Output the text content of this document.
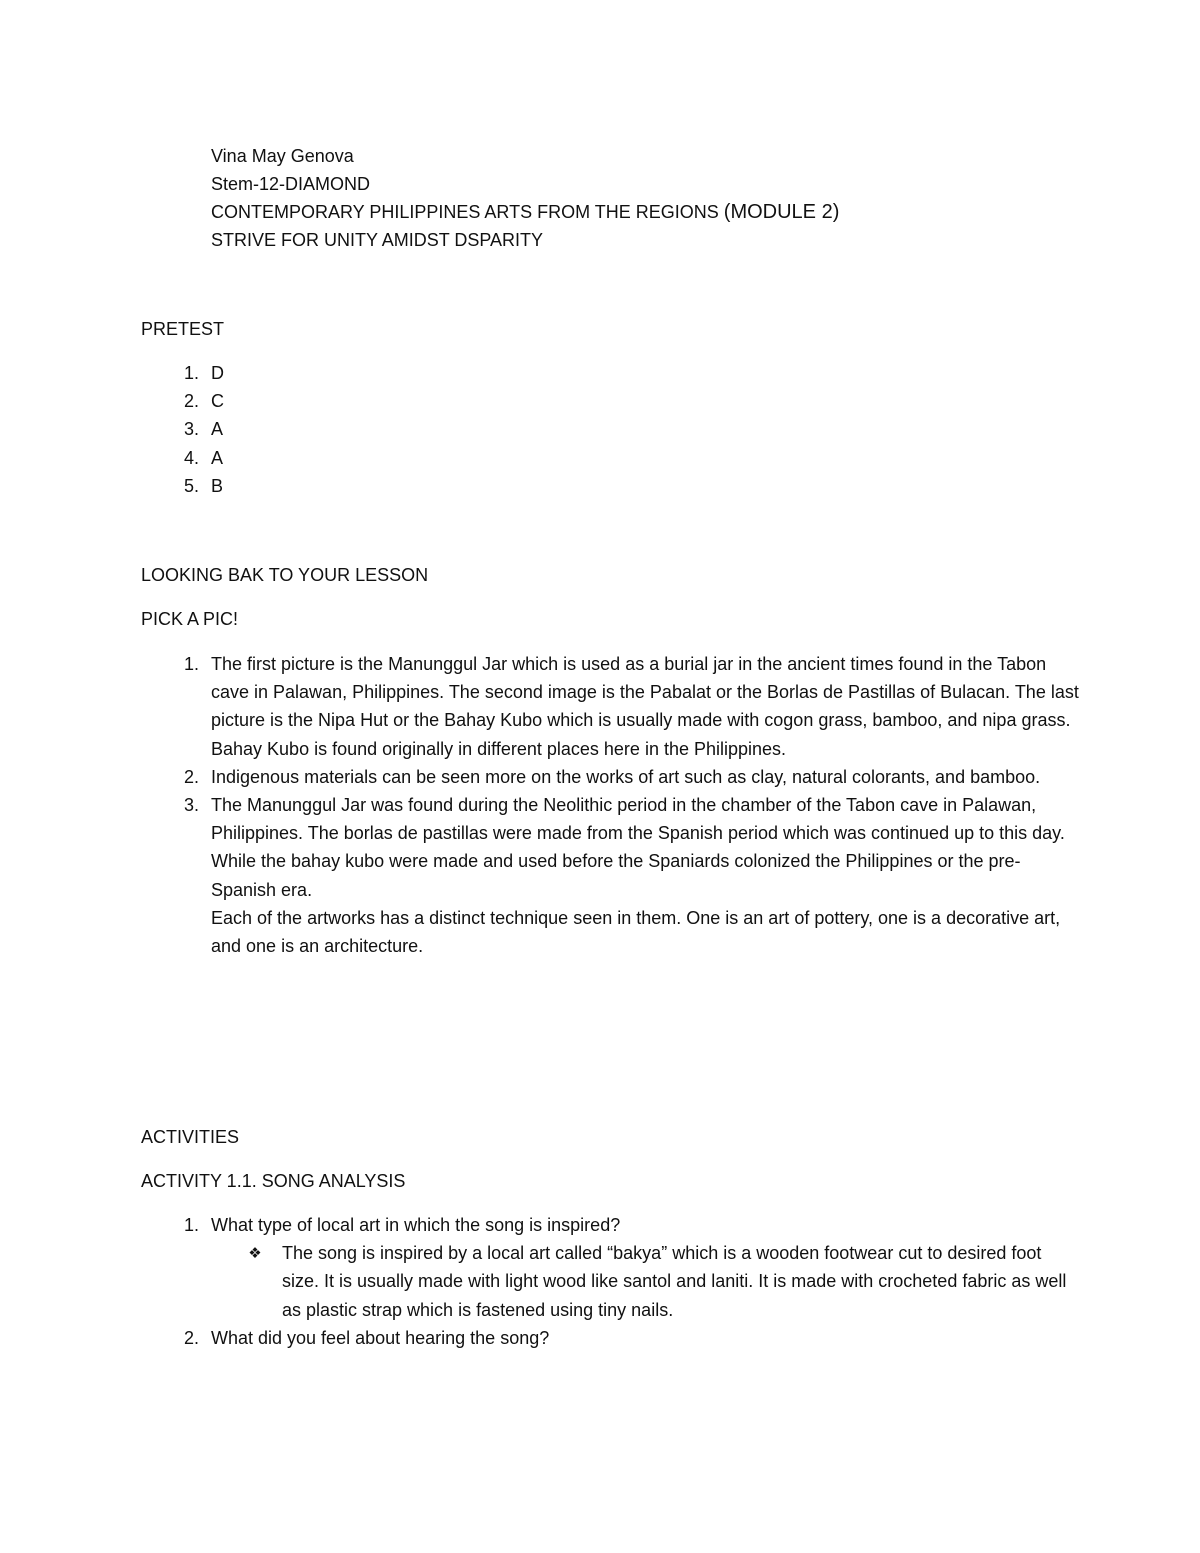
Vina May Genova
Stem-12-DIAMOND
CONTEMPORARY PHILIPPINES ARTS FROM THE REGIONS (MODULE 2)
STRIVE FOR UNITY AMIDST DSPARITY
PRETEST
1 . D
2 . C
3 . A
4 . A
5 . B
LOOKING BAK TO YOUR LESSON
PICK A PIC!
1 . The first picture is the Manunggul Jar which is used as a burial jar in the ancient times found in the Tabon cave in Palawan, Philippines. The second image is the Pabalat or the Borlas de Pastillas of Bulacan. The last picture is the Nipa Hut or the Bahay Kubo which is usually made with cogon grass, bamboo, and nipa grass. Bahay Kubo is found originally in different places here in the Philippines.
2 . Indigenous materials can be seen more on the works of art such as clay, natural colorants, and bamboo.
3 . The Manunggul Jar was found during the Neolithic period in the chamber of the Tabon cave in Palawan, Philippines. The borlas de pastillas were made from the Spanish period which was continued up to this day. While the bahay kubo were made and used before the Spaniards colonized the Philippines or the pre-Spanish era.
Each of the artworks has a distinct technique seen in them. One is an art of pottery, one is a decorative art, and one is an architecture.
ACTIVITIES
ACTIVITY 1.1. SONG ANALYSIS
1 . What type of local art in which the song is inspired?
❖ The song is inspired by a local art called “bakya” which is a wooden footwear cut to desired foot size. It is usually made with light wood like santol and laniti. It is made with crocheted fabric as well as plastic strap which is fastened using tiny nails.
2 . What did you feel about hearing the song?
